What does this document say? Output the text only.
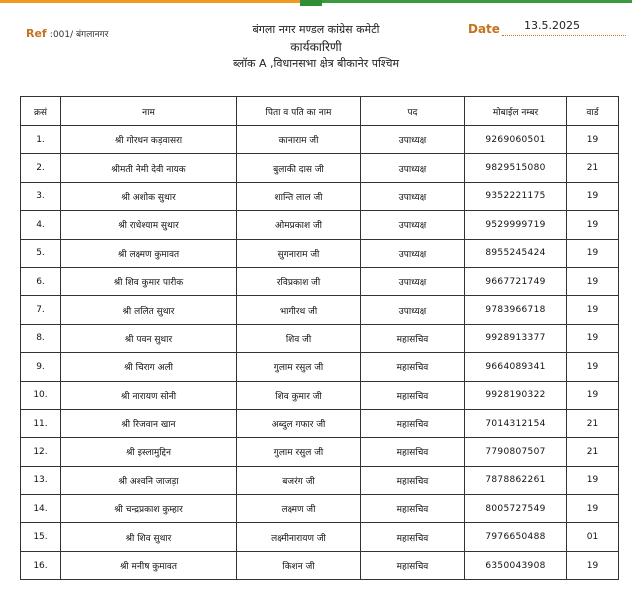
Ref :001/ बंगलानगर	Date 13.5.2025
बंगला नगर मण्डल कांग्रेस कमेटी
कार्यकारिणी
ब्लॉक A ,विधानसभा क्षेत्र बीकानेर पश्चिम
क्रसं	नाम	पिता व पति का नाम	पद	मोबाईल नम्बर	वार्ड
1.	श्री गोरधन कड़वासरा	कानाराम जी	उपाध्यक्ष	9269060501	19
2.	श्रीमती नेमी देवी नायक	बुलाकी दास जी	उपाध्यक्ष	9829515080	21
3.	श्री अशोक सुथार	शान्ति लाल जी	उपाध्यक्ष	9352221175	19
4.	श्री राधेश्याम सुथार	ओमप्रकाश जी	उपाध्यक्ष	9529999719	19
5.	श्री लक्ष्मण कुमावत	सुगनाराम जी	उपाध्यक्ष	8955245424	19
6.	श्री शिव कुमार पारीक	रविप्रकाश जी	उपाध्यक्ष	9667721749	19
7.	श्री ललित सुथार	भागीरथ जी	उपाध्यक्ष	9783966718	19
8.	श्री पवन सुथार	शिव जी	महासचिव	9928913377	19
9.	श्री चिराग अली	गुलाम रसुल जी	महासचिव	9664089341	19
10.	श्री नारायण सोनी	शिव कुमार जी	महासचिव	9928190322	19
11.	श्री रिजवान खान	अब्दुल गफार जी	महासचिव	7014312154	21
12.	श्री इस्लामुद्दिन	गुलाम रसुल जी	महासचिव	7790807507	21
13.	श्री अश्वनि जाजड़ा	बजरंग जी	महासचिव	7878862261	19
14.	श्री चन्द्रप्रकाश कुम्हार	लक्ष्मण जी	महासचिव	8005727549	19
15.	श्री शिव सुथार	लक्ष्मीनारायण जी	महासचिव	7976650488	01
16.	श्री मनीष कुमावत	किशन जी	महासचिव	6350043908	19
